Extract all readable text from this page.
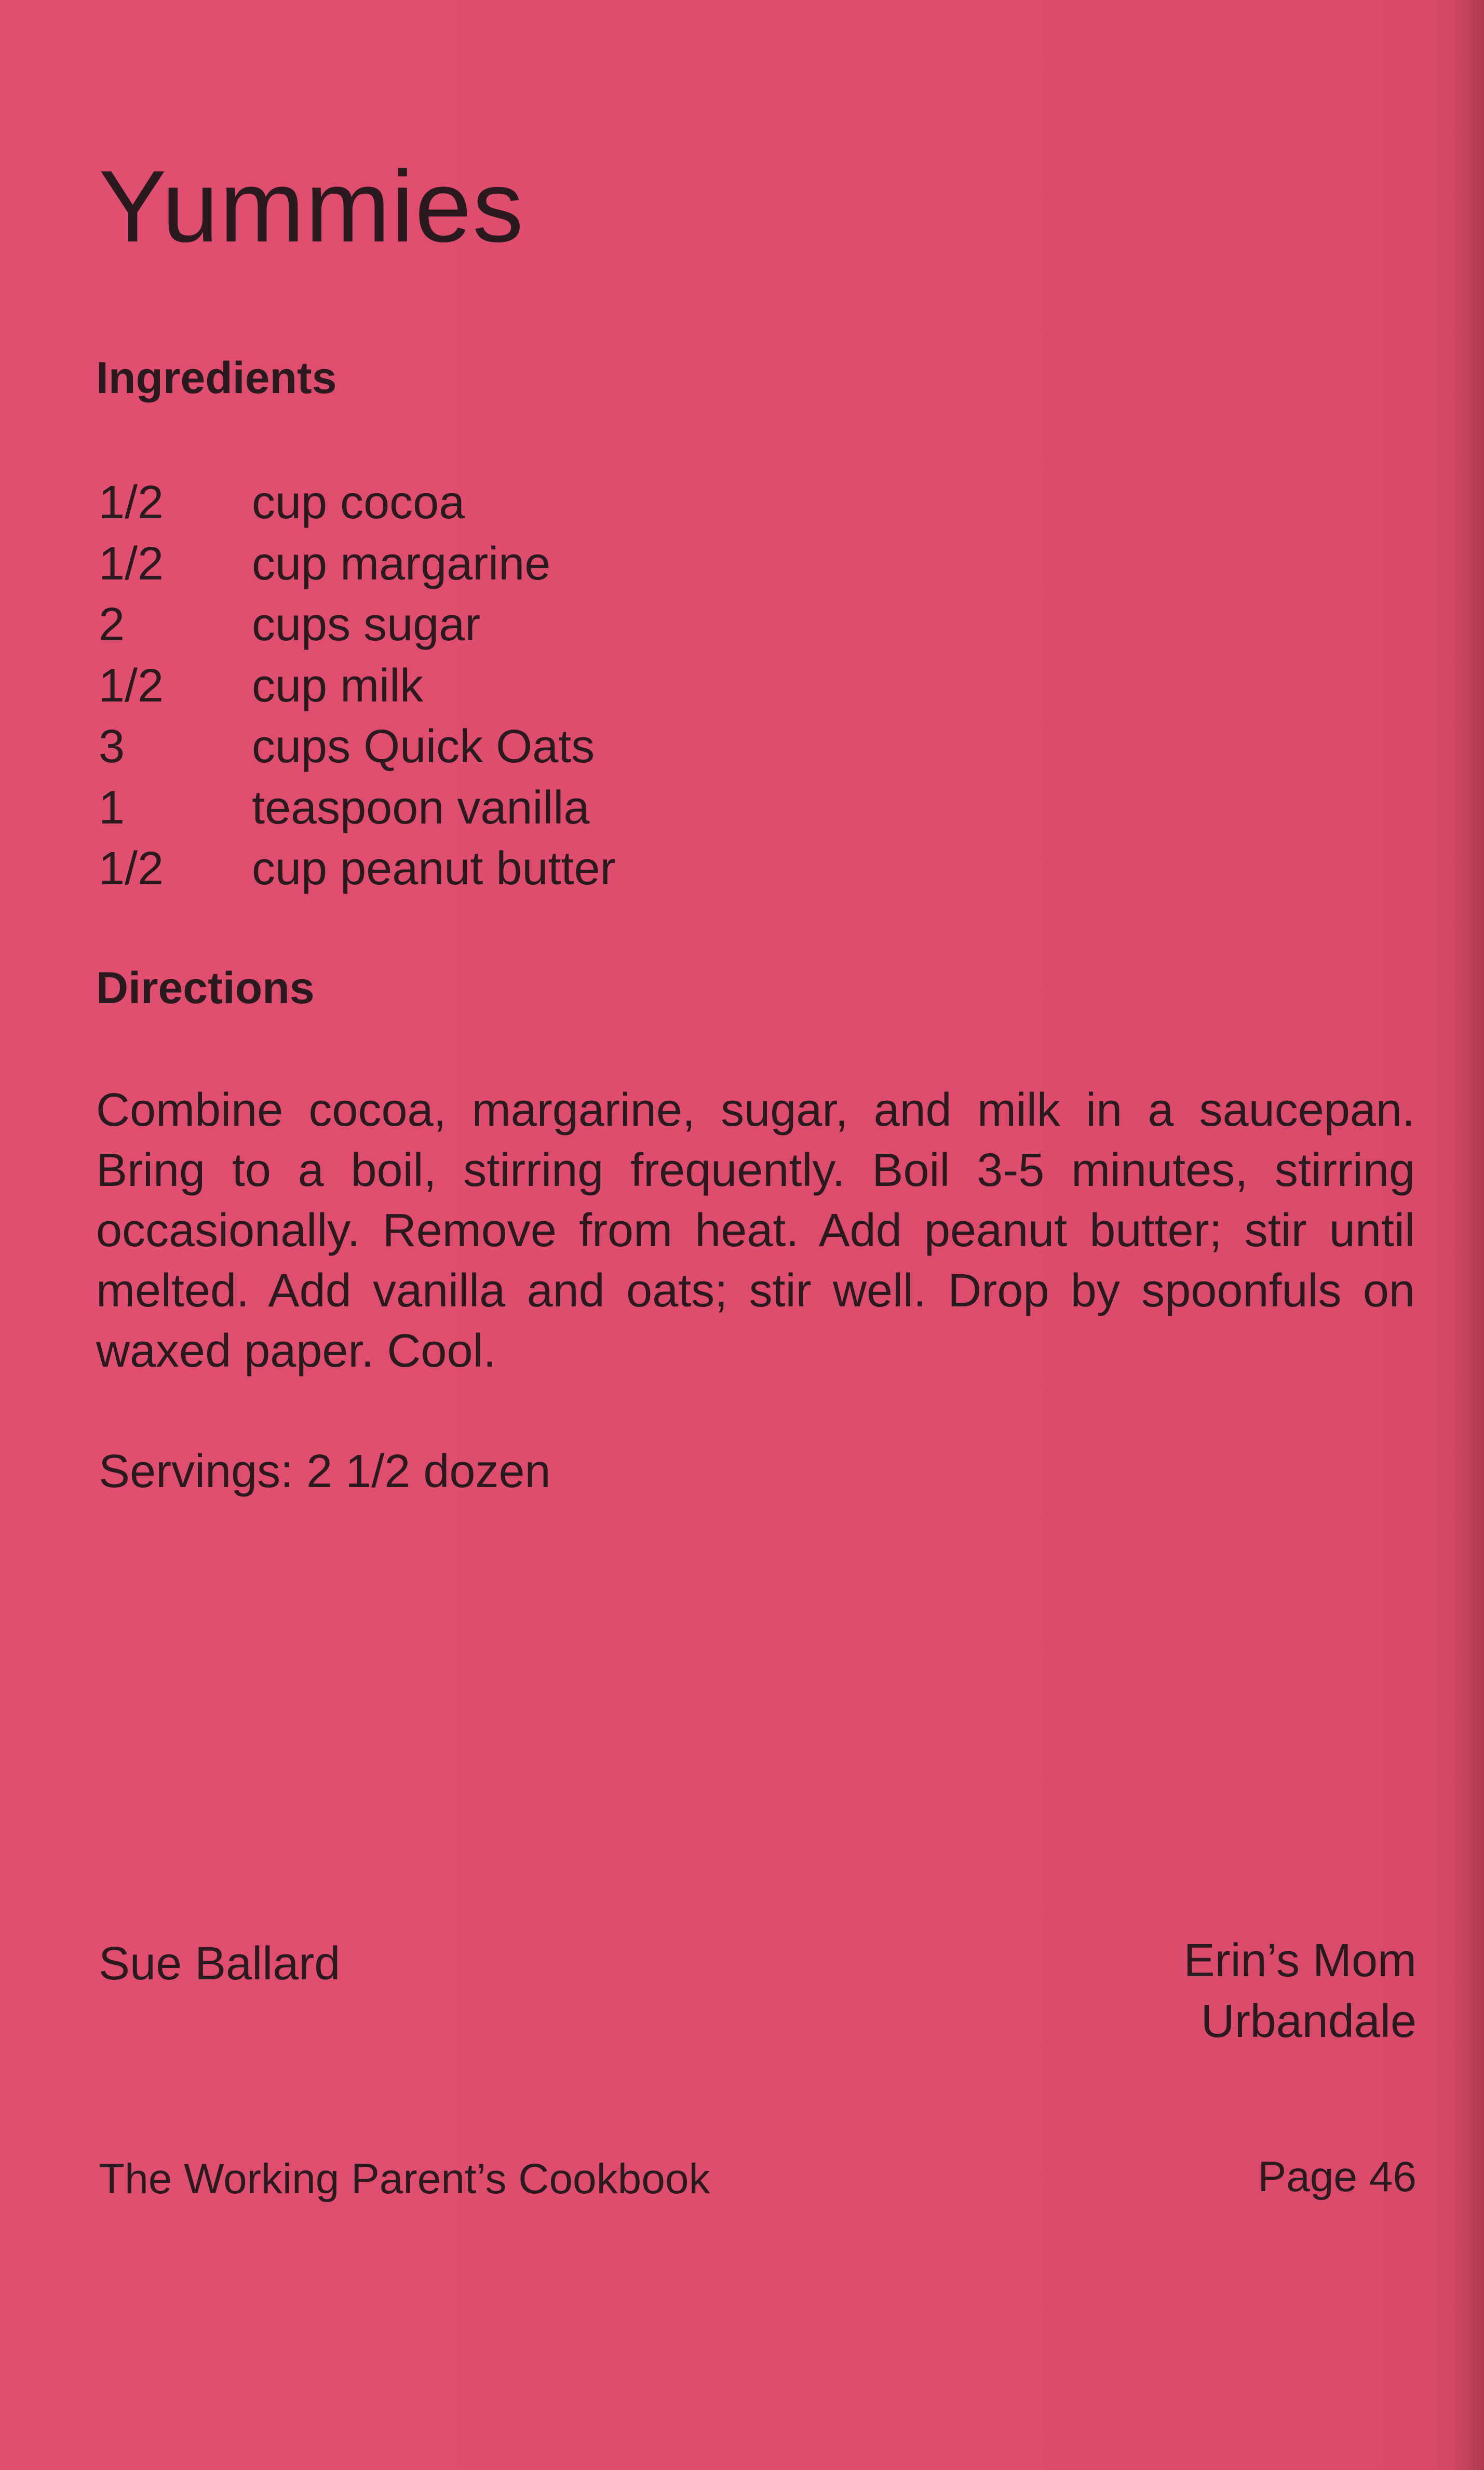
Yummies
Ingredients
1/2	cup cocoa
1/2	cup margarine
2	cups sugar
1/2	cup milk
3	cups Quick Oats
1	teaspoon vanilla
1/2	cup peanut butter
Directions

Combine cocoa, margarine, sugar, and milk in a saucepan. Bring to a boil, stirring frequently. Boil 3-5 minutes, stirring occasionally. Remove from heat. Add peanut butter; stir until melted. Add vanilla and oats; stir well. Drop by spoonfuls on waxed paper. Cool.

Servings: 2 1/2 dozen

Sue Ballard	Erin’s Mom
Urbandale

The Working Parent’s Cookbook	Page 46
